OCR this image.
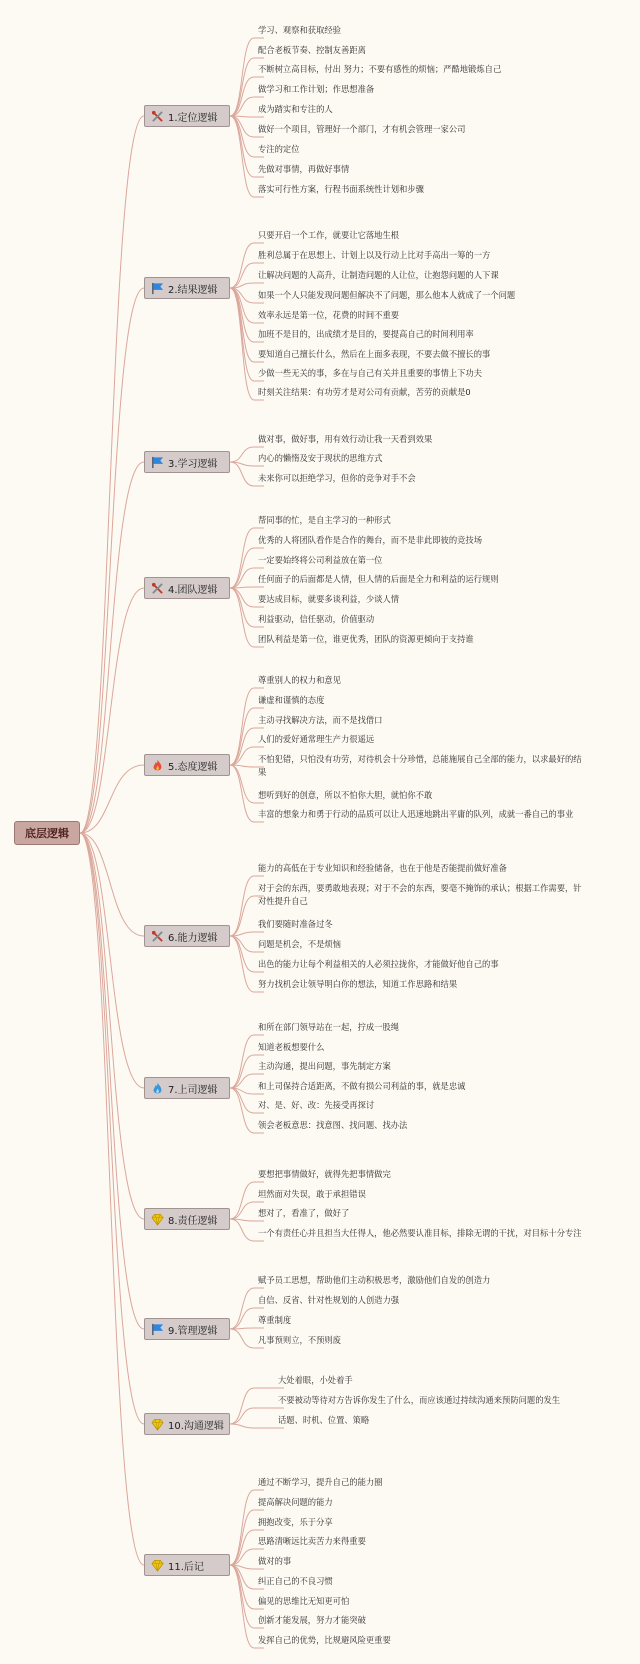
底层逻辑
1.定位逻辑
学习、观察和获取经验
配合老板节奏、控制友善距离
不断树立高目标，付出 努力；不要有感性的烦恼；严酷地锻炼自己
做学习和工作计划；作思想准备
成为踏实和专注的人
做好一个项目，管理好一个部门，才有机会管理一家公司
专注的定位
先做对事情，再做好事情
落实可行性方案，行程书面系统性计划和步骤
2.结果逻辑
只要开启一个工作，就要让它落地生根
胜利总属于在思想上、计划上以及行动上比对手高出一筹的一方
让解决问题的人高升，让制造问题的人让位，让抱怨问题的人下课
如果一个人只能发现问题但解决不了问题，那么他本人就成了一个问题
效率永远是第一位，花费的时间不重要
加班不是目的，出成绩才是目的，要提高自己的时间利用率
要知道自己擅长什么，然后在上面多表现，不要去做不擅长的事
少做一些无关的事，多在与自己有关并且重要的事情上下功夫
时刻关注结果：有功劳才是对公司有贡献，苦劳的贡献是0
3.学习逻辑
做对事，做好事，用有效行动让我一天看到效果
内心的懒惰及安于现状的思维方式
未来你可以拒绝学习，但你的竞争对手不会
4.团队逻辑
帮同事的忙，是自主学习的一种形式
优秀的人将团队看作是合作的舞台，而不是非此即彼的竞技场
一定要始终将公司利益放在第一位
任何面子的后面都是人情，但人情的后面是全力和利益的运行规则
要达成目标，就要多谈利益，少谈人情
利益驱动，信任驱动，价值驱动
团队利益是第一位，谁更优秀，团队的资源更倾向于支持谁
5.态度逻辑
尊重别人的权力和意见
谦虚和谨慎的态度
主动寻找解决方法，而不是找借口
人们的爱好通常理生产力很遥远
不怕犯错，只怕没有功劳，对待机会十分珍惜，总能施展自己全部的能力，以求最好的结果
想听到好的创意，所以不怕你大胆，就怕你不敢
丰富的想象力和勇于行动的品质可以让人迅速地跳出平庸的队列，成就一番自己的事业
6.能力逻辑
能力的高低在于专业知识和经验储备，也在于他是否能提前做好准备
对于会的东西，要勇敢地表现；对于不会的东西，要毫不掩饰的承认；根据工作需要，针对性提升自己
我们要随时准备过冬
问题是机会，不是烦恼
出色的能力让每个利益相关的人必须拉拢你，才能做好他自己的事
努力找机会让领导明白你的想法，知道工作思路和结果
7.上司逻辑
和所在部门领导站在一起，拧成一股绳
知道老板想要什么
主动沟通，提出问题，事先制定方案
和上司保持合适距离，不做有损公司利益的事，就是忠诚
对、是、好、改：先接受再探讨
领会老板意思：找意图、找问题、找办法
8.责任逻辑
要想把事情做好，就得先把事情做完
坦然面对失误，敢于承担错误
想对了，看准了，做好了
一个有责任心并且担当大任得人，他必然要认准目标，排除无谓的干扰，对目标十分专注
9.管理逻辑
赋予员工思想，帮助他们主动积极思考，激励他们自发的创造力
自信、反省、针对性规划的人创造力强
尊重制度
凡事预则立，不预则废
10.沟通逻辑
大处着眼，小处着手
不要被动等待对方告诉你发生了什么，而应该通过持续沟通来预防问题的发生
话题、时机、位置、策略
11.后记
通过不断学习，提升自己的能力圈
提高解决问题的能力
拥抱改变，乐于分享
思路清晰远比卖苦力来得重要
做对的事
纠正自己的不良习惯
偏见的思维比无知更可怕
创新才能发展，努力才能突破
发挥自己的优势，比规避风险更重要
